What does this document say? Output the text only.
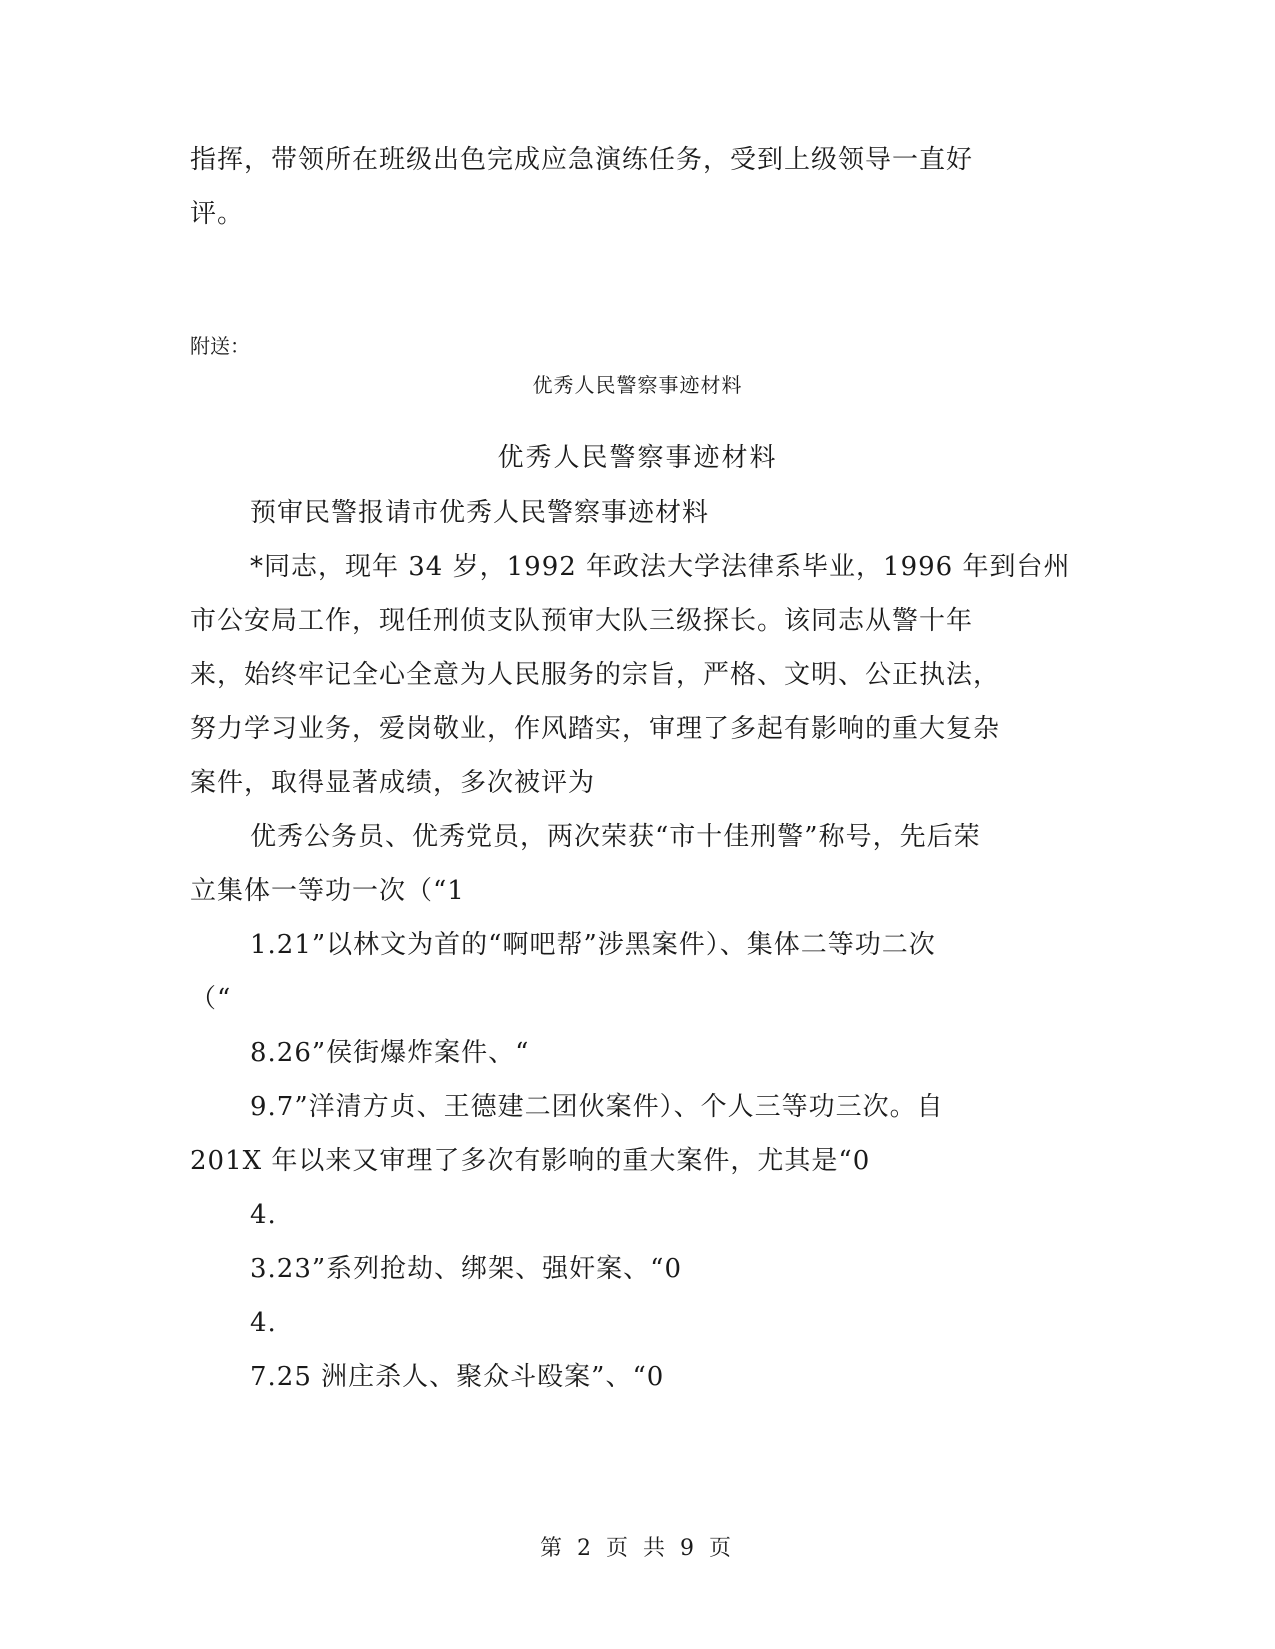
指挥，带领所在班级出色完成应急演练任务，受到上级领导一直好
评。
附送：
优秀人民警察事迹材料
优秀人民警察事迹材料
预审民警报请市优秀人民警察事迹材料
*同志，现年 34 岁，1992 年政法大学法律系毕业，1996 年到台州
市公安局工作，现任刑侦支队预审大队三级探长。该同志从警十年
来，始终牢记全心全意为人民服务的宗旨，严格、文明、公正执法，
努力学习业务，爱岗敬业，作风踏实，审理了多起有影响的重大复杂
案件，取得显著成绩，多次被评为
优秀公务员、优秀党员，两次荣获“市十佳刑警”称号，先后荣
立集体一等功一次（“1
1.21”以林文为首的“啊吧帮”涉黑案件）、集体二等功二次
（“
8.26”侯街爆炸案件、“
9.7”洋清方贞、王德建二团伙案件）、个人三等功三次。自
201X 年以来又审理了多次有影响的重大案件，尤其是“0
4.
3.23”系列抢劫、绑架、强奸案、“0
4.
7.25 洲庄杀人、聚众斗殴案”、“0
第 2 页 共 9 页
